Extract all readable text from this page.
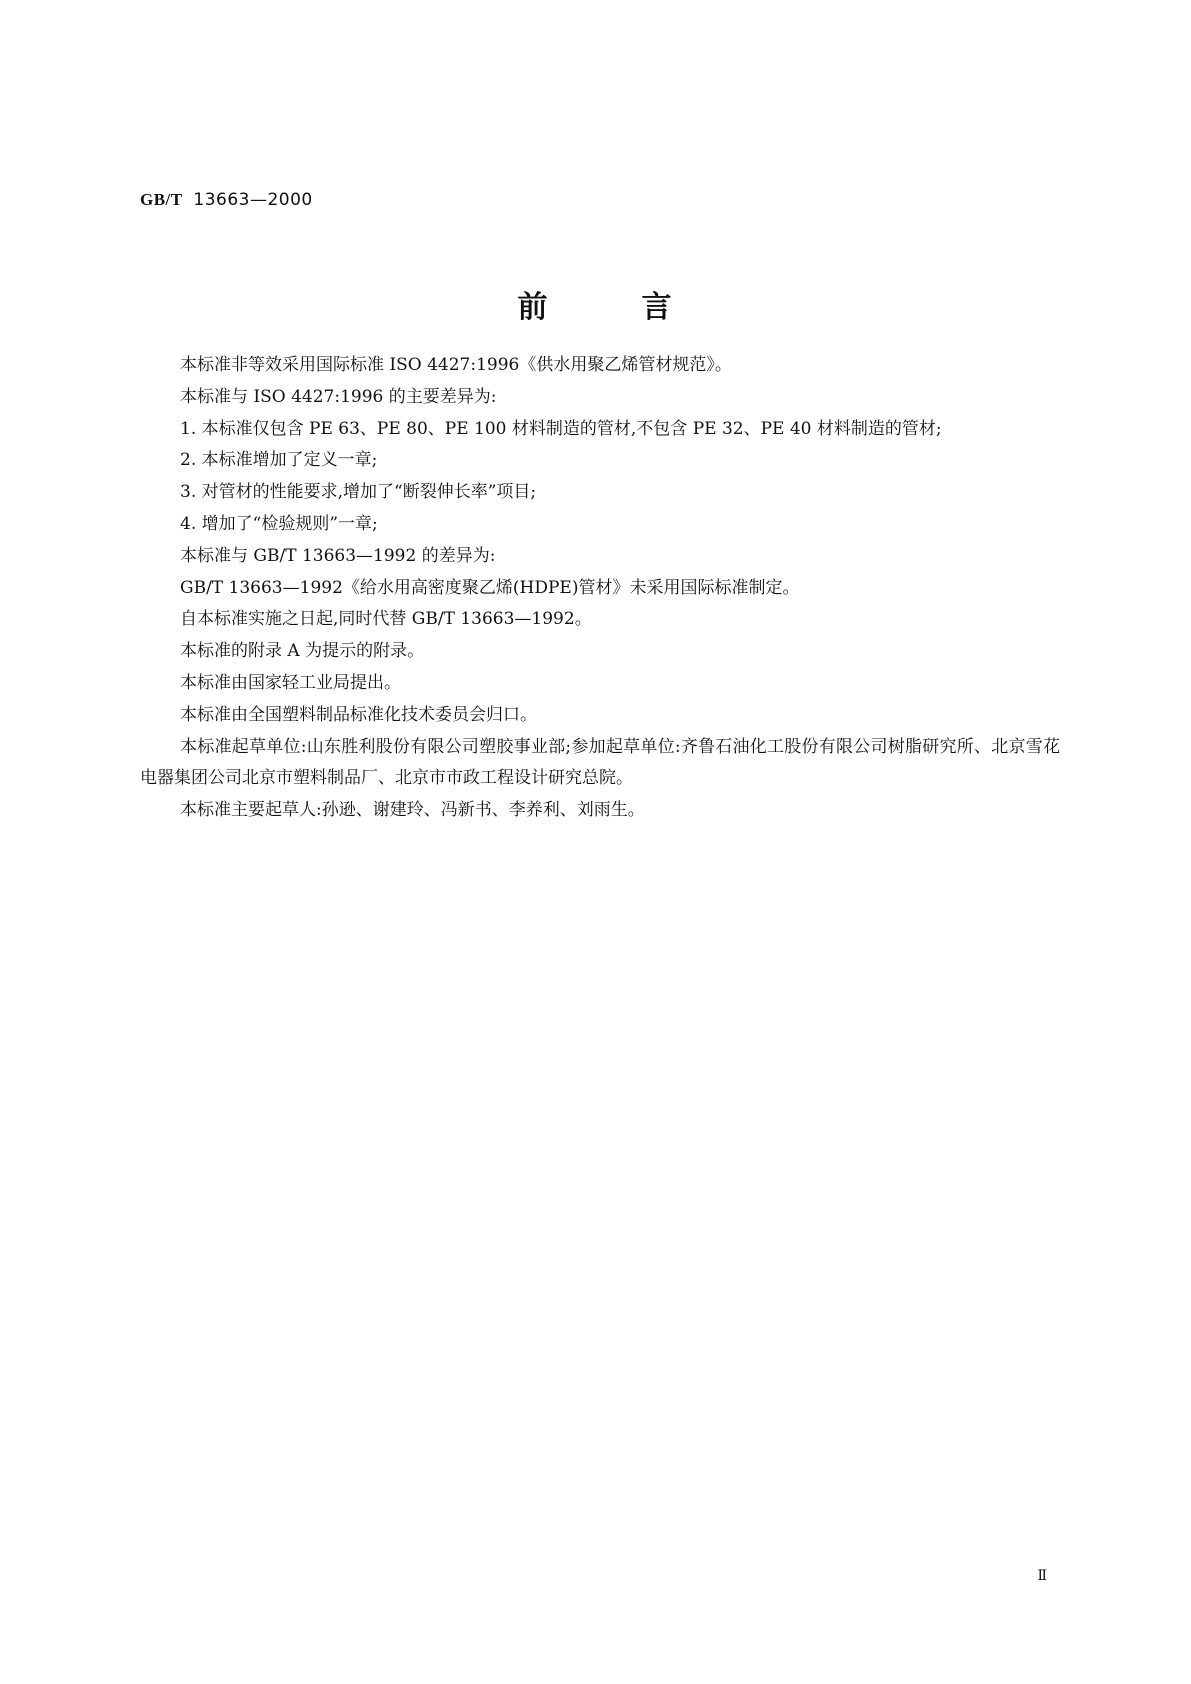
GB/T 13663—2000
前	言

本标准非等效采用国际标准 ISO 4427:1996《供水用聚乙烯管材规范》。

本标准与 ISO 4427:1996 的主要差异为:

1. 本标准仅包含 PE 63、PE 80、PE 100 材料制造的管材,不包含 PE 32、PE 40 材料制造的管材;

2. 本标准增加了定义一章;

3. 对管材的性能要求,增加了“断裂伸长率”项目;

4. 增加了“检验规则”一章;

本标准与 GB/T 13663—1992 的差异为:

GB/T 13663—1992《给水用高密度聚乙烯(HDPE)管材》未采用国际标准制定。

自本标准实施之日起,同时代替 GB/T 13663—1992。

本标准的附录 A 为提示的附录。

本标准由国家轻工业局提出。

本标准由全国塑料制品标准化技术委员会归口。

本标准起草单位:山东胜利股份有限公司塑胶事业部;参加起草单位:齐鲁石油化工股份有限公司树脂研究所、北京雪花电器集团公司北京市塑料制品厂、北京市市政工程设计研究总院。

本标准主要起草人:孙逊、谢建玲、冯新书、李养利、刘雨生。

Ⅱ
